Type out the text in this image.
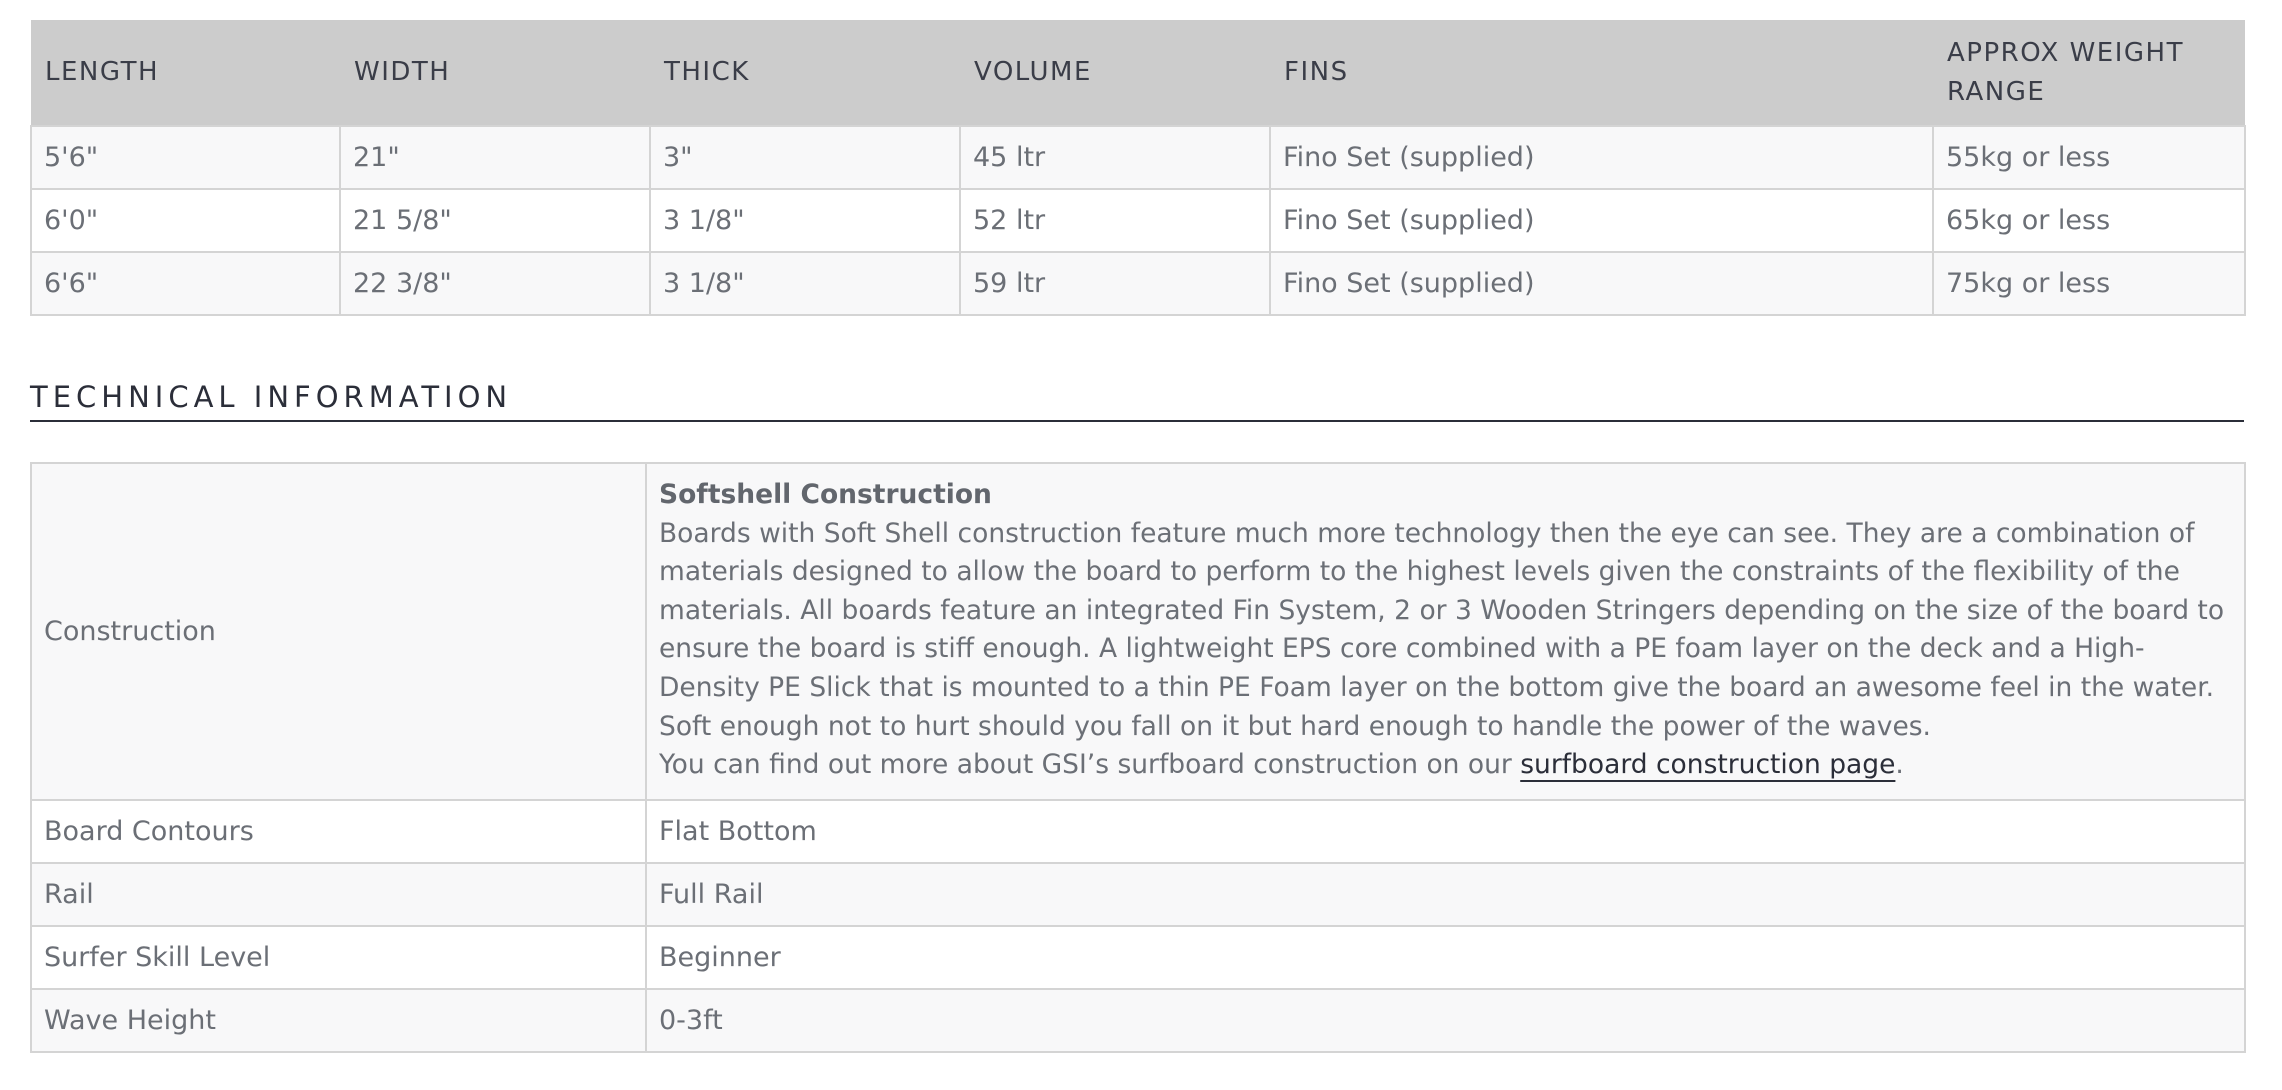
LENGTH	WIDTH	THICK	VOLUME	FINS	APPROX WEIGHT RANGE
5'6"	21"	3"	45 ltr	Fino Set (supplied)	55kg or less
6'0"	21 5/8"	3 1/8"	52 ltr	Fino Set (supplied)	65kg or less
6'6"	22 3/8"	3 1/8"	59 ltr	Fino Set (supplied)	75kg or less
TECHNICAL INFORMATION
Construction	Softshell Construction
Boards with Soft Shell construction feature much more technology then the eye can see. They are a combination of materials designed to allow the board to perform to the highest levels given the constraints of the flexibility of the materials. All boards feature an integrated Fin System, 2 or 3 Wooden Stringers depending on the size of the board to ensure the board is stiff enough. A lightweight EPS core combined with a PE foam layer on the deck and a High-Density PE Slick that is mounted to a thin PE Foam layer on the bottom give the board an awesome feel in the water. Soft enough not to hurt should you fall on it but hard enough to handle the power of the waves.
You can find out more about GSI’s surfboard construction on our surfboard construction page.
Board Contours	Flat Bottom
Rail	Full Rail
Surfer Skill Level	Beginner
Wave Height	0-3ft
